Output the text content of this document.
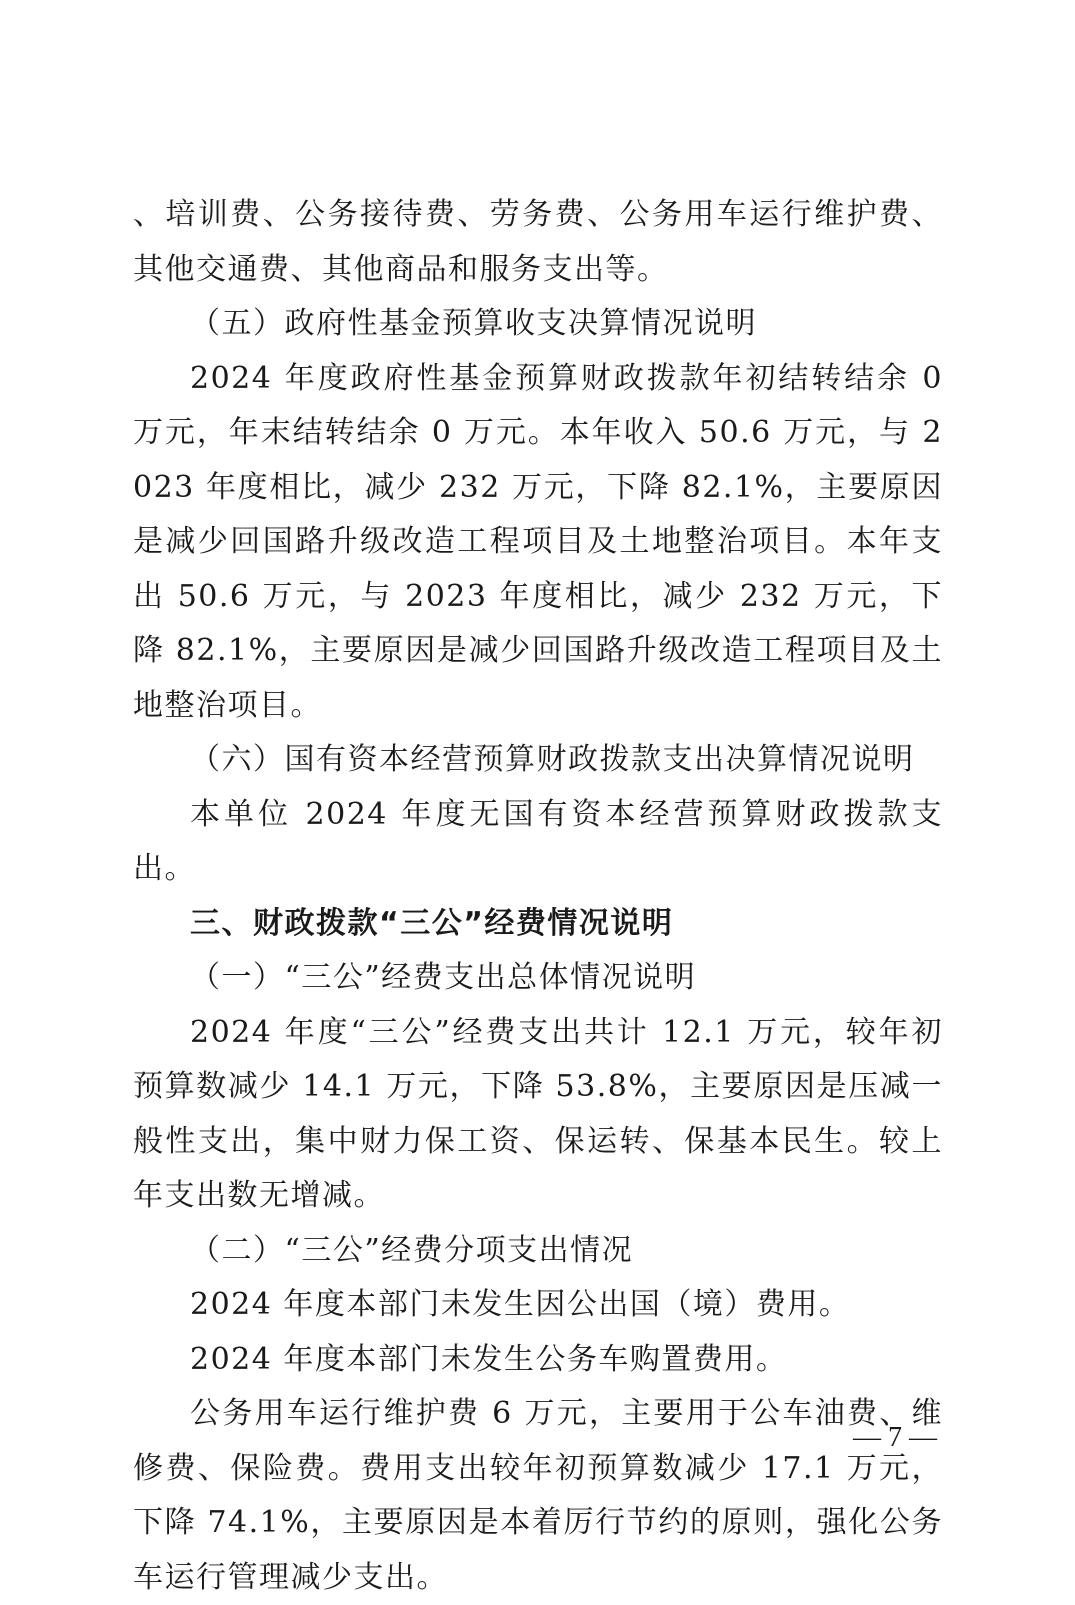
、培训费、公务接待费、劳务费、公务用车运行维护费、其他交通费、其他商品和服务支出等。

（五）政府性基金预算收支决算情况说明

2024 年度政府性基金预算财政拨款年初结转结余 0 万元，年末结转结余 0 万元。本年收入 50.6 万元，与 2023 年度相比，减少 232 万元，下降 82.1%，主要原因是减少回国路升级改造工程项目及土地整治项目。本年支出 50.6 万元，与 2023 年度相比，减少 232 万元，下降 82.1%，主要原因是减少回国路升级改造工程项目及土地整治项目。

（六）国有资本经营预算财政拨款支出决算情况说明

本单位 2024 年度无国有资本经营预算财政拨款支出。

三、财政拨款“三公”经费情况说明

（一）“三公”经费支出总体情况说明

2024 年度“三公”经费支出共计 12.1 万元，较年初预算数减少 14.1 万元，下降 53.8%，主要原因是压减一般性支出，集中财力保工资、保运转、保基本民生。较上年支出数无增减。

（二）“三公”经费分项支出情况

2024 年度本部门未发生因公出国（境）费用。

2024 年度本部门未发生公务车购置费用。

公务用车运行维护费 6 万元，主要用于公车油费、维修费、保险费。费用支出较年初预算数减少 17.1 万元，下降 74.1%，主要原因是本着厉行节约的原则，强化公务车运行管理减少支出。

— 7 —
